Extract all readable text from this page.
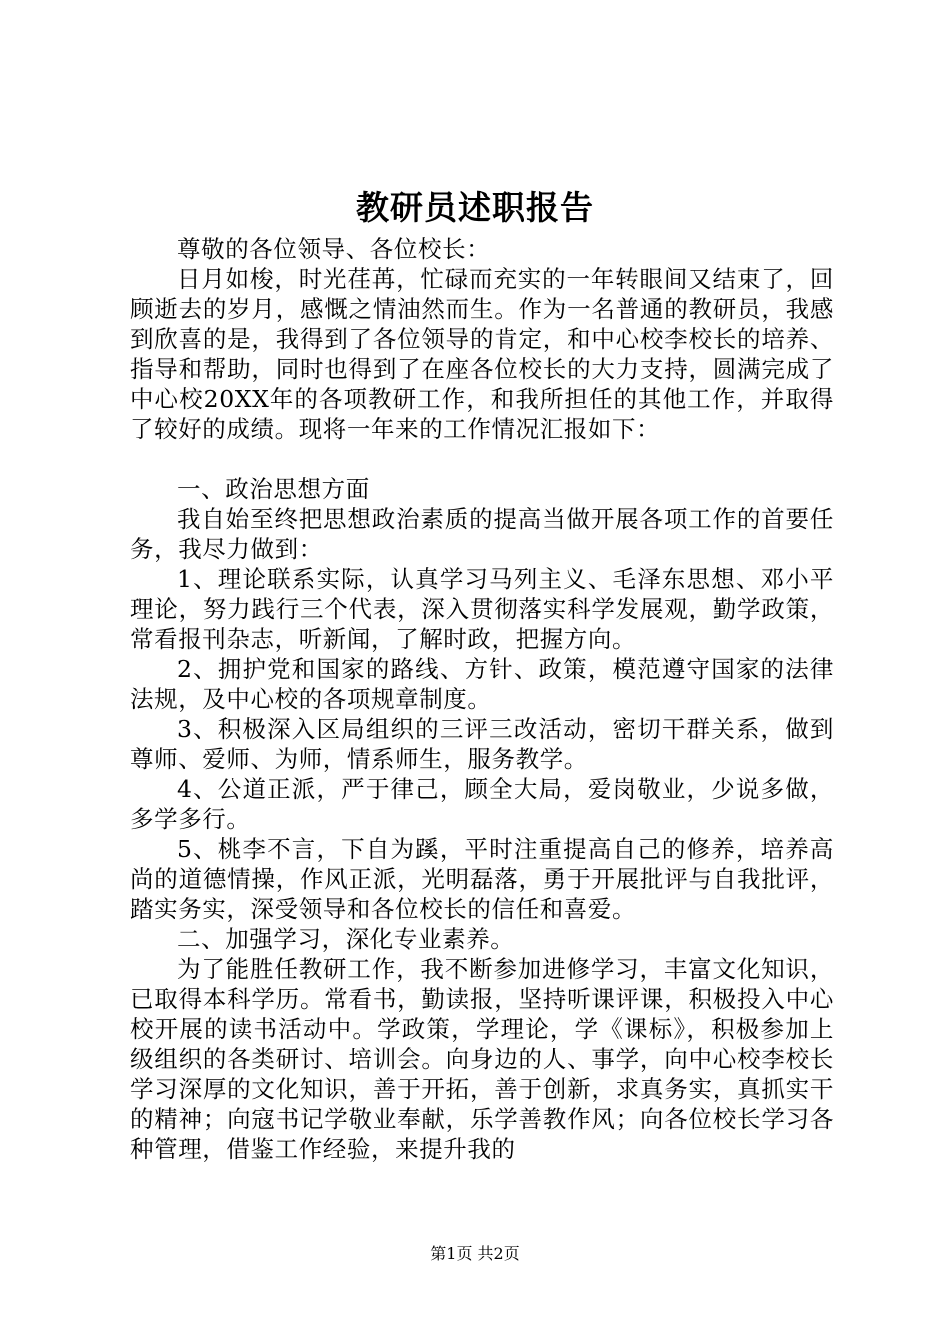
教研员述职报告

尊敬的各位领导、各位校长：

日月如梭，时光荏苒，忙碌而充实的一年转眼间又结束了，回顾逝去的岁月，感慨之情油然而生。作为一名普通的教研员，我感到欣喜的是，我得到了各位领导的肯定，和中心校李校长的培养、指导和帮助，同时也得到了在座各位校长的大力支持，圆满完成了中心校20XX年的各项教研工作，和我所担任的其他工作，并取得了较好的成绩。现将一年来的工作情况汇报如下：

一、政治思想方面

我自始至终把思想政治素质的提高当做开展各项工作的首要任务，我尽力做到：

1、理论联系实际，认真学习马列主义、毛泽东思想、邓小平理论，努力践行三个代表，深入贯彻落实科学发展观，勤学政策，常看报刊杂志，听新闻，了解时政，把握方向。

2、拥护党和国家的路线、方针、政策，模范遵守国家的法律法规，及中心校的各项规章制度。

3、积极深入区局组织的三评三改活动，密切干群关系，做到尊师、爱师、为师，情系师生，服务教学。

4、公道正派，严于律己，顾全大局，爱岗敬业，少说多做，多学多行。

5、桃李不言，下自为蹊，平时注重提高自己的修养，培养高尚的道德情操，作风正派，光明磊落，勇于开展批评与自我批评，踏实务实，深受领导和各位校长的信任和喜爱。

二、加强学习，深化专业素养。

为了能胜任教研工作，我不断参加进修学习，丰富文化知识，已取得本科学历。常看书，勤读报，坚持听课评课，积极投入中心校开展的读书活动中。学政策，学理论，学《课标》，积极参加上级组织的各类研讨、培训会。向身边的人、事学，向中心校李校长学习深厚的文化知识，善于开拓，善于创新，求真务实，真抓实干的精神；向寇书记学敬业奉献，乐学善教作风；向各位校长学习各种管理，借鉴工作经验，来提升我的

第1页 共2页
